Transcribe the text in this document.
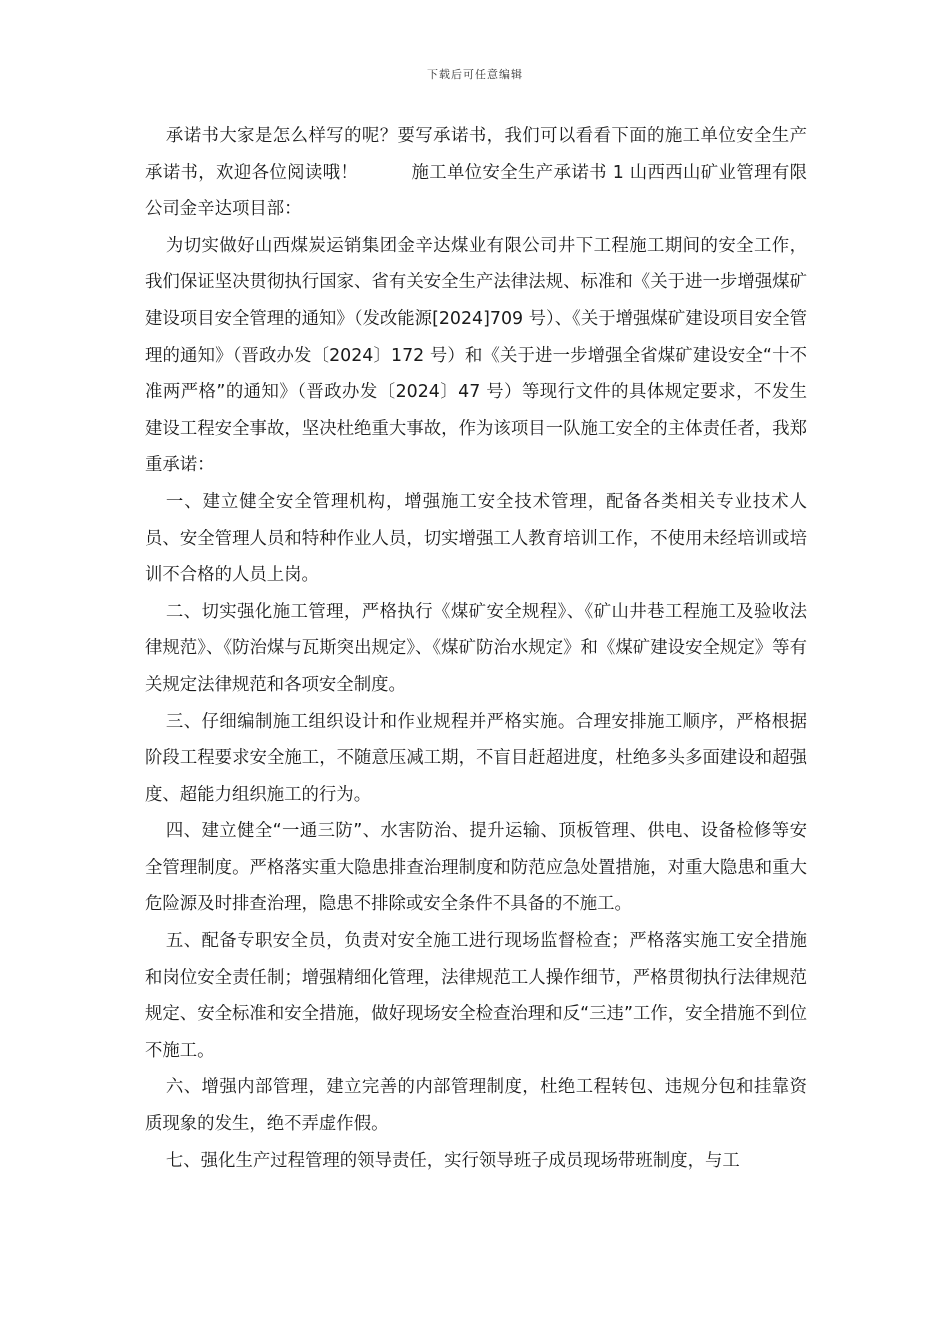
下载后可任意编辑

承诺书大家是怎么样写的呢？要写承诺书，我们可以看看下面的施工单位安全生产承诺书，欢迎各位阅读哦！　　　施工单位安全生产承诺书 1 山西西山矿业管理有限公司金辛达项目部：

为切实做好山西煤炭运销集团金辛达煤业有限公司井下工程施工期间的安全工作，我们保证坚决贯彻执行国家、省有关安全生产法律法规、标准和《关于进一步增强煤矿建设项目安全管理的通知》（发改能源[2024]709 号）、《关于增强煤矿建设项目安全管理的通知》（晋政办发〔2024〕172 号）和《关于进一步增强全省煤矿建设安全“十不准两严格”的通知》（晋政办发〔2024〕47 号）等现行文件的具体规定要求，不发生建设工程安全事故，坚决杜绝重大事故，作为该项目一队施工安全的主体责任者，我郑重承诺：

一、建立健全安全管理机构，增强施工安全技术管理，配备各类相关专业技术人员、安全管理人员和特种作业人员，切实增强工人教育培训工作，不使用未经培训或培训不合格的人员上岗。

二、切实强化施工管理，严格执行《煤矿安全规程》、《矿山井巷工程施工及验收法律规范》、《防治煤与瓦斯突出规定》、《煤矿防治水规定》和《煤矿建设安全规定》等有关规定法律规范和各项安全制度。

三、仔细编制施工组织设计和作业规程并严格实施。合理安排施工顺序，严格根据阶段工程要求安全施工，不随意压减工期，不盲目赶超进度，杜绝多头多面建设和超强度、超能力组织施工的行为。

四、建立健全“一通三防”、水害防治、提升运输、顶板管理、供电、设备检修等安全管理制度。严格落实重大隐患排查治理制度和防范应急处置措施，对重大隐患和重大危险源及时排查治理，隐患不排除或安全条件不具备的不施工。

五、配备专职安全员，负责对安全施工进行现场监督检查；严格落实施工安全措施和岗位安全责任制；增强精细化管理，法律规范工人操作细节，严格贯彻执行法律规范规定、安全标准和安全措施，做好现场安全检查治理和反“三违”工作，安全措施不到位不施工。

六、增强内部管理，建立完善的内部管理制度，杜绝工程转包、违规分包和挂靠资质现象的发生，绝不弄虚作假。

七、强化生产过程管理的领导责任，实行领导班子成员现场带班制度，与工
